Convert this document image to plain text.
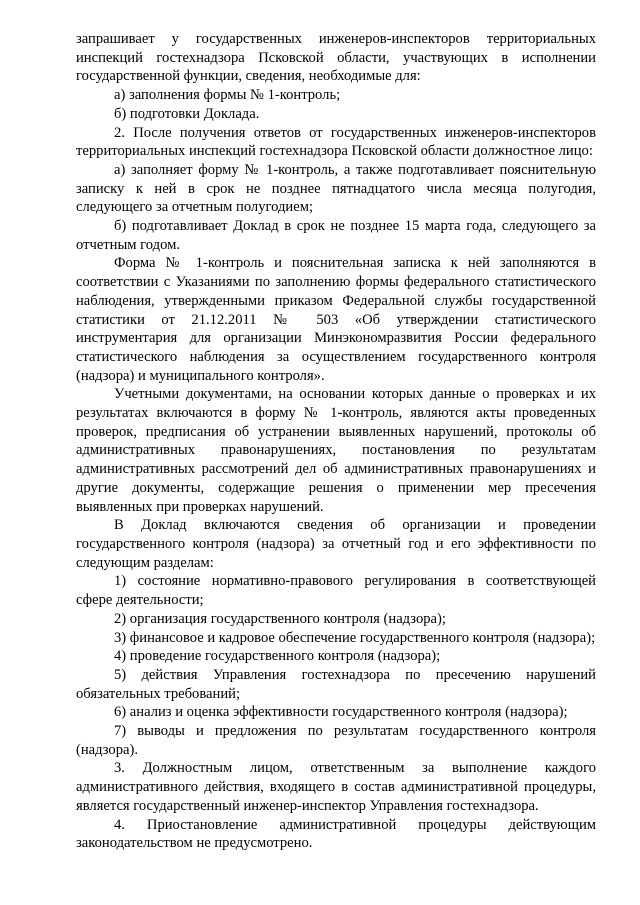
запрашивает у государственных инженеров-инспекторов территориальных инспекций гостехнадзора Псковской области, участвующих в исполнении государственной функции, сведения, необходимые для:

а) заполнения формы № 1-контроль;

б) подготовки Доклада.

2. После получения ответов от государственных инженеров-инспекторов территориальных инспекций гостехнадзора Псковской области должностное лицо:

а) заполняет форму № 1-контроль, а также подготавливает пояснительную записку к ней в срок не позднее пятнадцатого числа месяца полугодия, следующего за отчетным полугодием;

б) подготавливает Доклад в срок не позднее 15 марта года, следующего за отчетным годом.

Форма № 1-контроль и пояснительная записка к ней заполняются в соответствии с Указаниями по заполнению формы федерального статистического наблюдения, утвержденными приказом Федеральной службы государственной статистики от 21.12.2011 № 503 «Об утверждении статистического инструментария для организации Минэкономразвития России федерального статистического наблюдения за осуществлением государственного контроля (надзора) и муниципального контроля».

Учетными документами, на основании которых данные о проверках и их результатах включаются в форму № 1-контроль, являются акты проведенных проверок, предписания об устранении выявленных нарушений, протоколы об административных правонарушениях, постановления по результатам административных рассмотрений дел об административных правонарушениях и другие документы, содержащие решения о применении мер пресечения выявленных при проверках нарушений.

В Доклад включаются сведения об организации и проведении государственного контроля (надзора) за отчетный год и его эффективности по следующим разделам:

1) состояние нормативно-правового регулирования в соответствующей сфере деятельности;

2) организация государственного контроля (надзора);

3) финансовое и кадровое обеспечение государственного контроля (надзора);

4) проведение государственного контроля (надзора);

5) действия Управления гостехнадзора по пресечению нарушений обязательных требований;

6) анализ и оценка эффективности государственного контроля (надзора);

7) выводы и предложения по результатам государственного контроля (надзора).

3. Должностным лицом, ответственным за выполнение каждого административного действия, входящего в состав административной процедуры, является государственный инженер-инспектор Управления гостехнадзора.

4. Приостановление административной процедуры действующим законодательством не предусмотрено.
